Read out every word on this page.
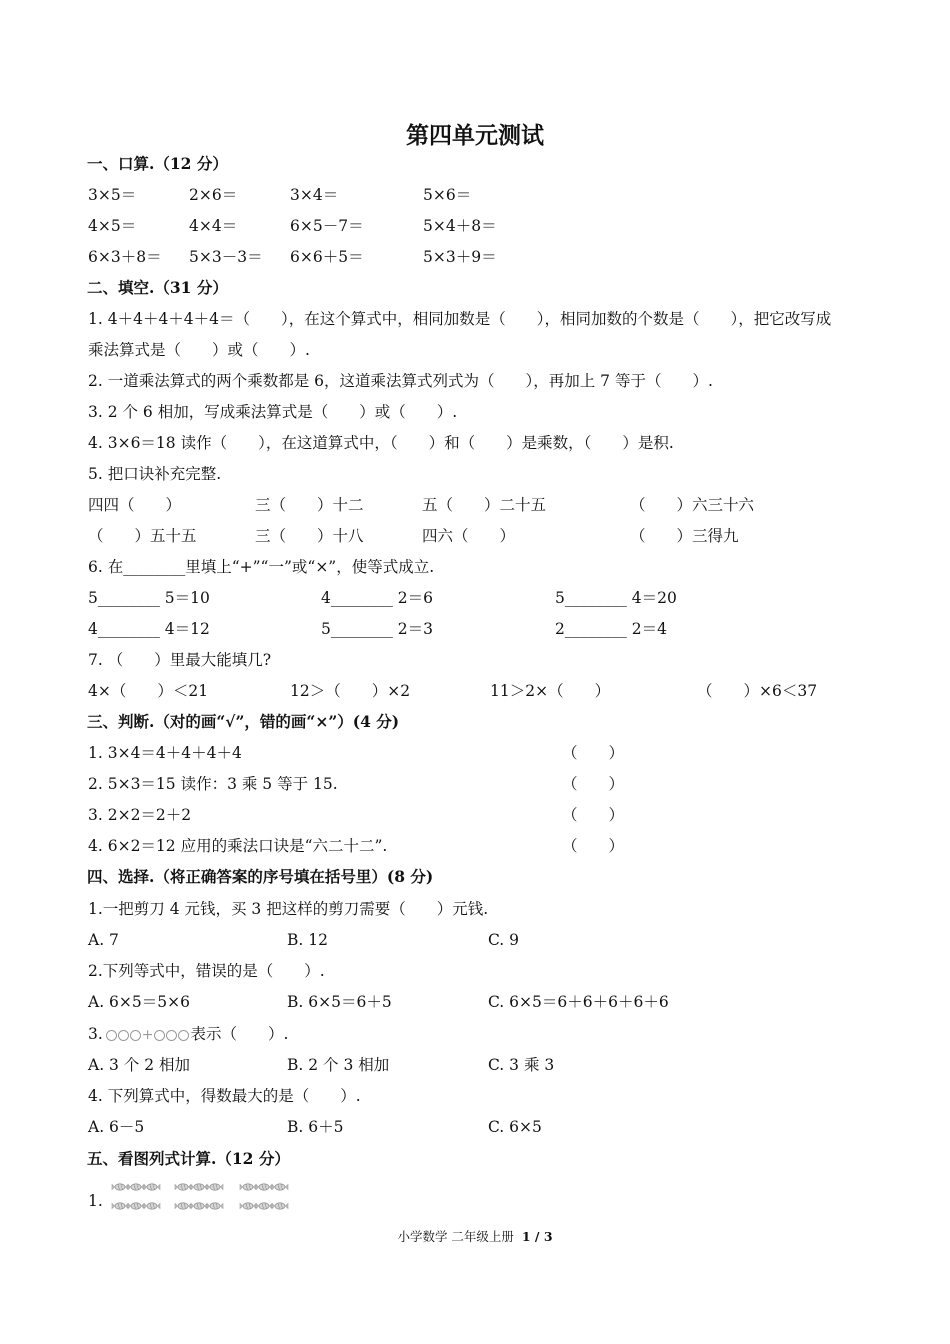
第四单元测试
一、口算.（12 分）
3×5＝	2×6＝	3×4＝	5×6＝
4×5＝	4×4＝	6×5－7＝	5×4＋8＝
6×3＋8＝ 5×3－3＝ 6×6＋5＝	5×3＋9＝
二、填空.（31 分）
1. 4＋4＋4＋4＋4＝（　　），在这个算式中，相同加数是（　　），相同加数的个数是（　　），把它改写成
乘法算式是（　　）或（　　）.
2. 一道乘法算式的两个乘数都是 6，这道乘法算式列式为（　　），再加上 7 等于（　　）.
3. 2 个 6 相加，写成乘法算式是（　　）或（　　）.
4. 3×6＝18 读作（　　），在这道算式中，（　　）和（　　）是乘数，（　　）是积.
5. 把口诀补充完整.
四四（　　）	三（　　）十二	五（　　）二十五	（　　）六三十六
（　　）五十五	三（　　）十八	四六（　　）	（　　）三得九
6. 在________里填上“+”“一”或“×”，使等式成立.
5________ 5＝10	4________ 2＝6	5________ 4＝20
4________ 4＝12	5________ 2＝3	2________ 2＝4
7. （　　）里最大能填几?
4×（　　）＜21	12＞（　　）×2	11＞2×（　　）	（　　）×6＜37
三、判断.（对的画“√”，错的画“×”）(4 分)
1. 3×4＝4＋4＋4＋4	（　　）
2. 5×3＝15 读作：3 乘 5 等于 15.	（　　）
3. 2×2＝2＋2	（　　）
4. 6×2＝12 应用的乘法口诀是“六二十二”.	（　　）
四、选择.（将正确答案的序号填在括号里）(8 分)
1.一把剪刀 4 元钱，买 3 把这样的剪刀需要（　　）元钱.
A. 7	B. 12	C. 9
2.下列等式中，错误的是（　　）.
A. 6×5＝5×6	B. 6×5＝6＋5	C. 6×5＝6＋6＋6＋6＋6
3.	+ 表示（　　）.
A. 3 个 2 相加	B. 2 个 3 相加	C. 3 乘 3
4. 下列算式中，得数最大的是（　　）.
A. 6－5	B. 6＋5	C. 6×5
五、看图列式计算.（12 分）
1.
小学数学 二年级上册 1 / 3
